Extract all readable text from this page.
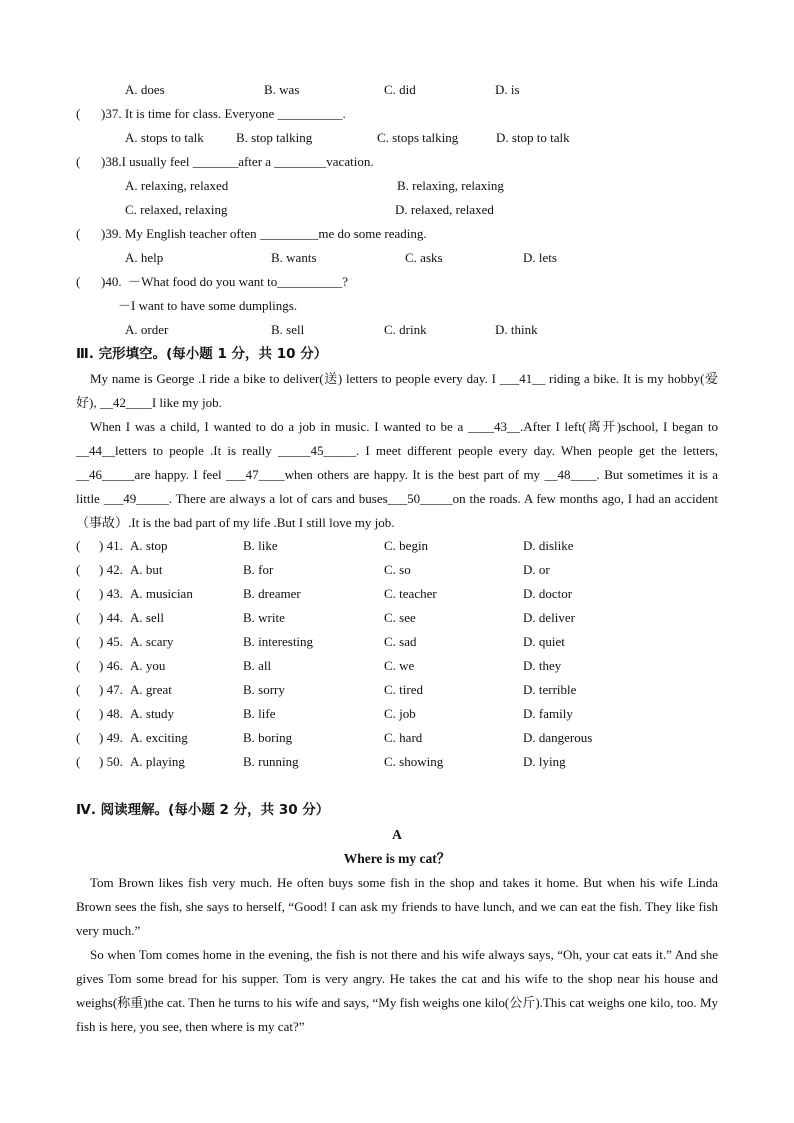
A. does	B. was	C. did	D. is
( )37. It is time for class. Everyone __________.
A. stops to talk B. stop talking	C. stops talking	D. stop to talk
( )38.I usually feel _______after a ________vacation.
A. relaxing, relaxed	B. relaxing, relaxing
C. relaxed, relaxing	D. relaxed, relaxed
( )39. My English teacher often _________me do some reading.
A. help	B. wants	C. asks	D. lets
( )40. －What food do you want to__________?
－I want to have some dumplings.
A. order	B. sell	C. drink	D. think
Ⅲ. 完形填空。(每小题 1 分，共 10 分）
My name is George .I ride a bike to deliver(送) letters to people every day. I ___41__ riding a bike. It is my hobby(爱好), __42____I like my job.
When I was a child, I wanted to do a job in music. I wanted to be a ____43__.After I left(离开)school, I began to __44__letters to people .It is really _____45_____. I meet different people every day. When people get the letters, __46_____are happy. I feel ___47____when others are happy. It is the best part of my __48____. But sometimes it is a little ___49_____. There are always a lot of cars and buses___50_____on the roads. A few months ago, I had an accident（事故）.It is the bad part of my life .But I still love my job.
( ) 41. A. stop	B. like	C. begin	D. dislike
( ) 42. A. but	B. for	C. so	D. or
( ) 43. A. musician	B. dreamer	C. teacher	D. doctor
( ) 44. A. sell	B. write	C. see	D. deliver
( ) 45. A. scary	B. interesting	C. sad	D. quiet
( ) 46. A. you	B. all	C. we	D. they
( ) 47. A. great	B. sorry	C. tired	D. terrible
( ) 48. A. study	B. life	C. job	D. family
( ) 49. A. exciting	B. boring	C. hard	D. dangerous
( ) 50. A. playing	B. running	C. showing	D. lying
Ⅳ. 阅读理解。(每小题 2 分，共 30 分）
A
Where is my cat？
Tom Brown likes fish very much. He often buys some fish in the shop and takes it home. But when his wife Linda Brown sees the fish, she says to herself, “Good! I can ask my friends to have lunch, and we can eat the fish. They like fish very much.”
So when Tom comes home in the evening, the fish is not there and his wife always says, “Oh, your cat eats it.” And she gives Tom some bread for his supper. Tom is very angry. He takes the cat and his wife to the shop near his house and weighs(称重)the cat. Then he turns to his wife and says, “My fish weighs one kilo(公斤).This cat weighs one kilo, too. My fish is here, you see, then where is my cat?”
